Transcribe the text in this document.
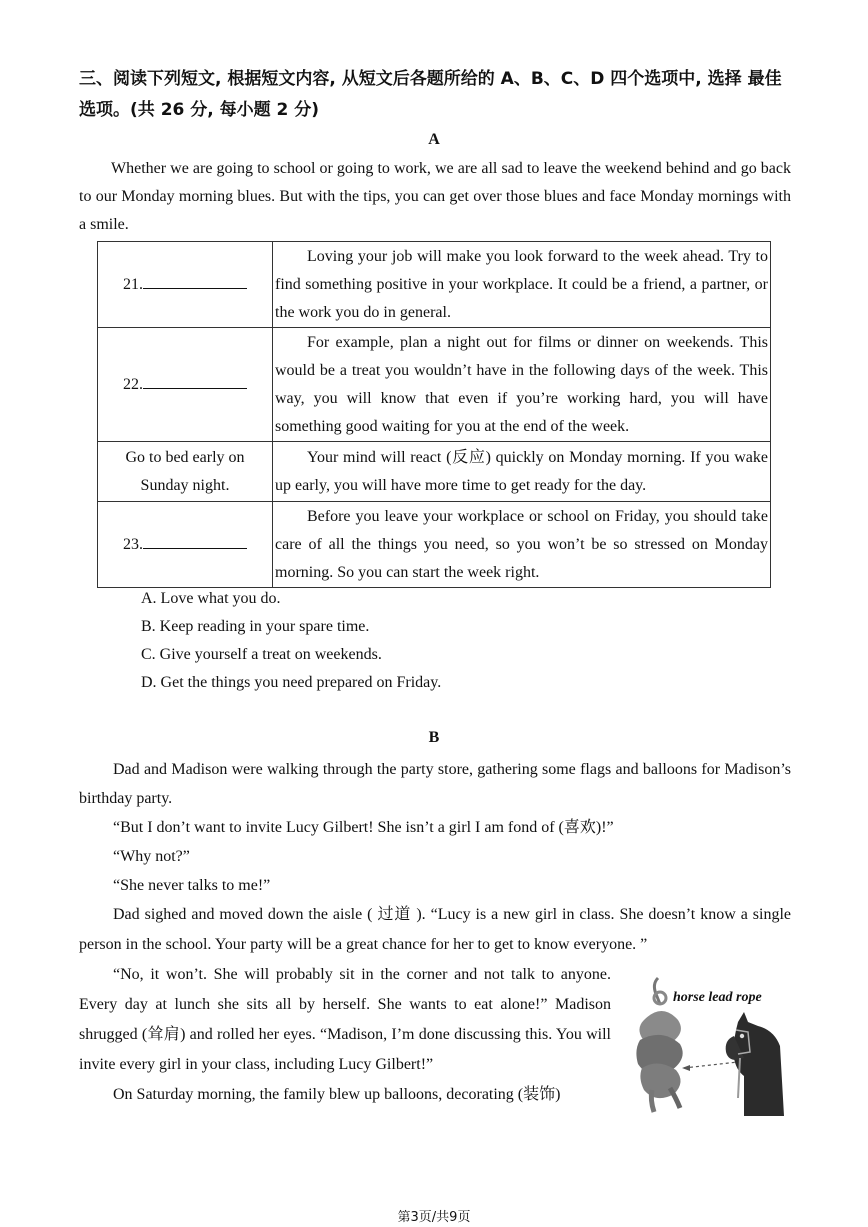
三、阅读下列短文, 根据短文内容, 从短文后各题所给的 A、B、C、D 四个选项中, 选择 最佳选项。(共 26 分, 每小题 2 分)

A

Whether we are going to school or going to work, we are all sad to leave the weekend behind and go back to our Monday morning blues. But with the tips, you can get over those blues and face Monday mornings with a smile.

21.	Loving your job will make you look forward to the week ahead. Try to find something positive in your workplace. It could be a friend, a partner, or the work you do in general.
22.	For example, plan a night out for films or dinner on weekends. This would be a treat you wouldn’t have in the following days of the week. This way, you will know that even if you’re working hard, you will have something good waiting for you at the end of the week.
Go to bed early on Sunday night.	Your mind will react (反应) quickly on Monday morning. If you wake up early, you will have more time to get ready for the day.
23.	Before you leave your workplace or school on Friday, you should take care of all the things you need, so you won’t be so stressed on Monday morning. So you can start the week right.
A. Love what you do.
B. Keep reading in your spare time.
C. Give yourself a treat on weekends.
D. Get the things you need prepared on Friday.

B

Dad and Madison were walking through the party store, gathering some flags and balloons for Madison’s birthday party.

“But I don’t want to invite Lucy Gilbert! She isn’t a girl I am fond of (喜欢)!”

“Why not?”

“She never talks to me!”

Dad sighed and moved down the aisle ( 过道 ). “Lucy is a new girl in class. She doesn’t know a single person in the school. Your party will be a great chance for her to get to know everyone. ”

“No, it won’t. She will probably sit in the corner and not talk to anyone. Every day at lunch she sits all by herself. She wants to eat alone!” Madison shrugged (耸肩) and rolled her eyes. “Madison, I’m done discussing this. You will invite every girl in your class, including Lucy Gilbert!”

On Saturday morning, the family blew up balloons, decorating (装饰)

horse lead rope
第3页/共9页
